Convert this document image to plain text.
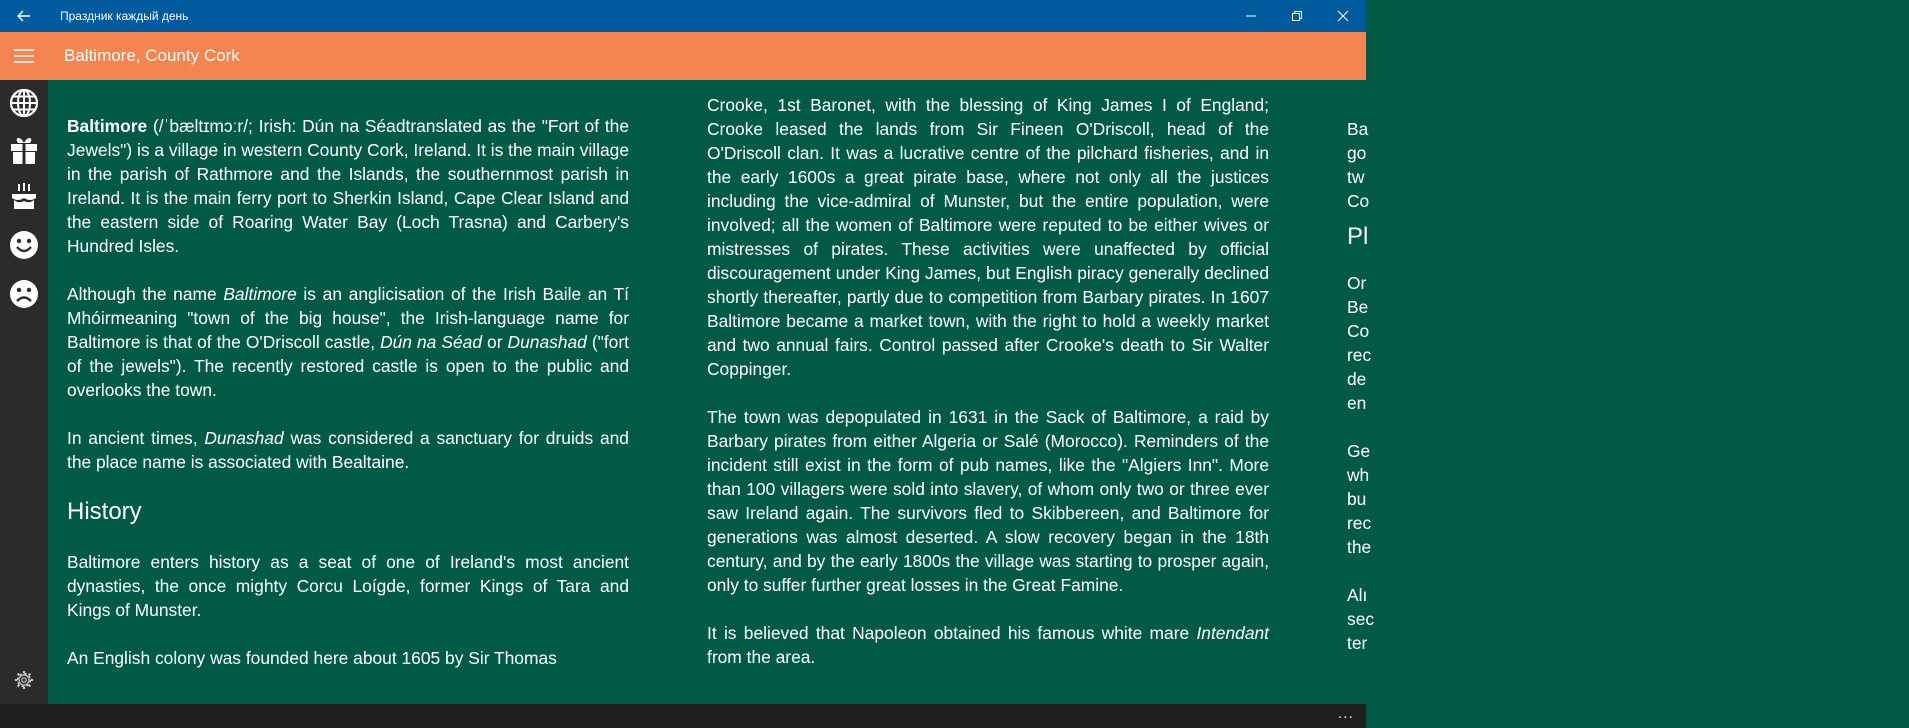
Праздник каждый день
Baltimore, County Cork

Baltimore (/ˈbæltɪmɔːr/; Irish: Dún na Séadtranslated as the "Fort of the Jewels") is a village in western County Cork, Ireland. It is the main village in the parish of Rathmore and the Islands, the southernmost parish in Ireland. It is the main ferry port to Sherkin Island, Cape Clear Island and the eastern side of Roaring Water Bay (Loch Trasna) and Carbery's Hundred Isles.

Although the name Baltimore is an anglicisation of the Irish Baile an Tí Mhóirmeaning "town of the big house", the Irish-language name for Baltimore is that of the O'Driscoll castle, Dún na Séad or Dunashad ("fort of the jewels"). The recently restored castle is open to the public and overlooks the town.

In ancient times, Dunashad was considered a sanctuary for druids and the place name is associated with Bealtaine.

History

Baltimore enters history as a seat of one of Ireland's most ancient dynasties, the once mighty Corcu Loígde, former Kings of Tara and Kings of Munster.

An English colony was founded here about 1605 by Sir Thomas

Crooke, 1st Baronet, with the blessing of King James I of England; Crooke leased the lands from Sir Fineen O'Driscoll, head of the O'Driscoll clan. It was a lucrative centre of the pilchard fisheries, and in the early 1600s a great pirate base, where not only all the justices including the vice-admiral of Munster, but the entire population, were involved; all the women of Baltimore were reputed to be either wives or mistresses of pirates. These activities were unaffected by official discouragement under King James, but English piracy generally declined shortly thereafter, partly due to competition from Barbary pirates. In 1607 Baltimore became a market town, with the right to hold a weekly market and two annual fairs. Control passed after Crooke's death to Sir Walter Coppinger.

The town was depopulated in 1631 in the Sack of Baltimore, a raid by Barbary pirates from either Algeria or Salé (Morocco). Reminders of the incident still exist in the form of pub names, like the "Algiers Inn". More than 100 villagers were sold into slavery, of whom only two or three ever saw Ireland again. The survivors fled to Skibbereen, and Baltimore for generations was almost deserted. A slow recovery began in the 18th century, and by the early 1800s the village was starting to prosper again, only to suffer further great losses in the Great Famine.

It is believed that Napoleon obtained his famous white mare Intendant from the area.

Ba
go
tw
Co
Pl
Or
Be
Co
rec
de
en
Ge
wh
bu
rec
the
Alı
sec
ter
...
